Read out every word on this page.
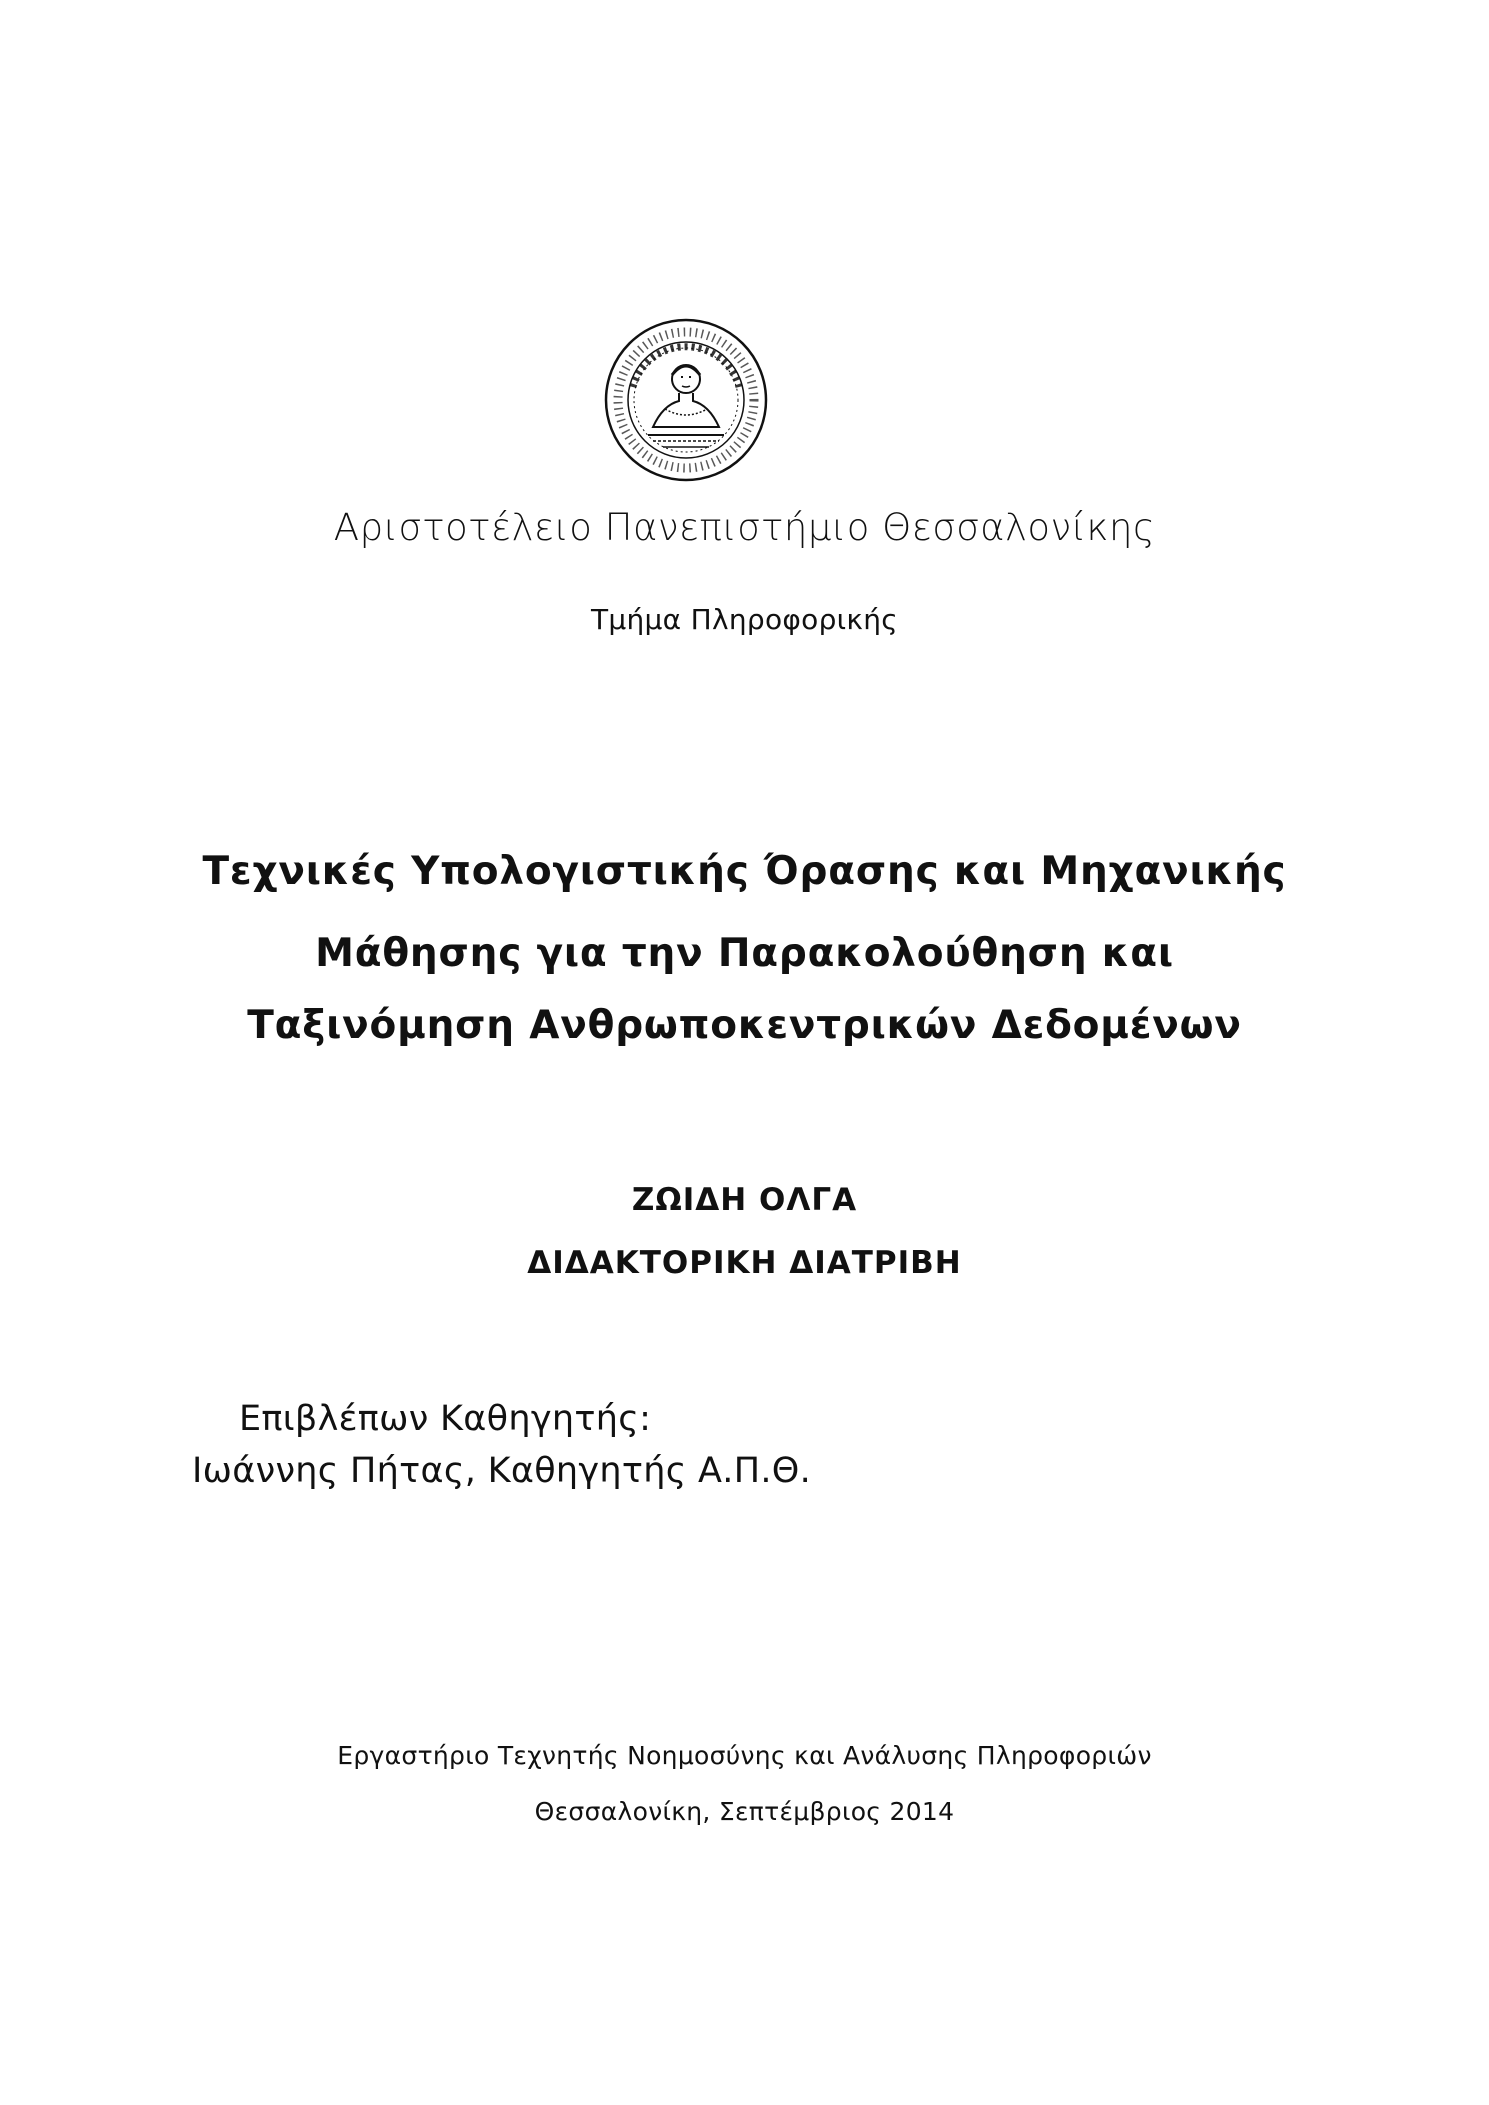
Αριστοτέλειο Πανεπιστήμιο Θεσσαλονίκης
Τμήμα Πληροφορικής
Τεχνικές Υπολογιστικής Όρασης και Μηχανικής
Μάθησης για την Παρακολούθηση και
Ταξινόμηση Ανθρωποκεντρικών Δεδομένων
ΖΩΙΔΗ ΟΛΓΑ
ΔΙΔΑΚΤΟΡΙΚΗ ΔΙΑΤΡΙΒΗ
Επιβλέπων Καθηγητής:
Ιωάννης Πήτας, Καθηγητής Α.Π.Θ.
Εργαστήριο Τεχνητής Νοημοσύνης και Ανάλυσης Πληροφοριών
Θεσσαλονίκη, Σεπτέμβριος 2014
